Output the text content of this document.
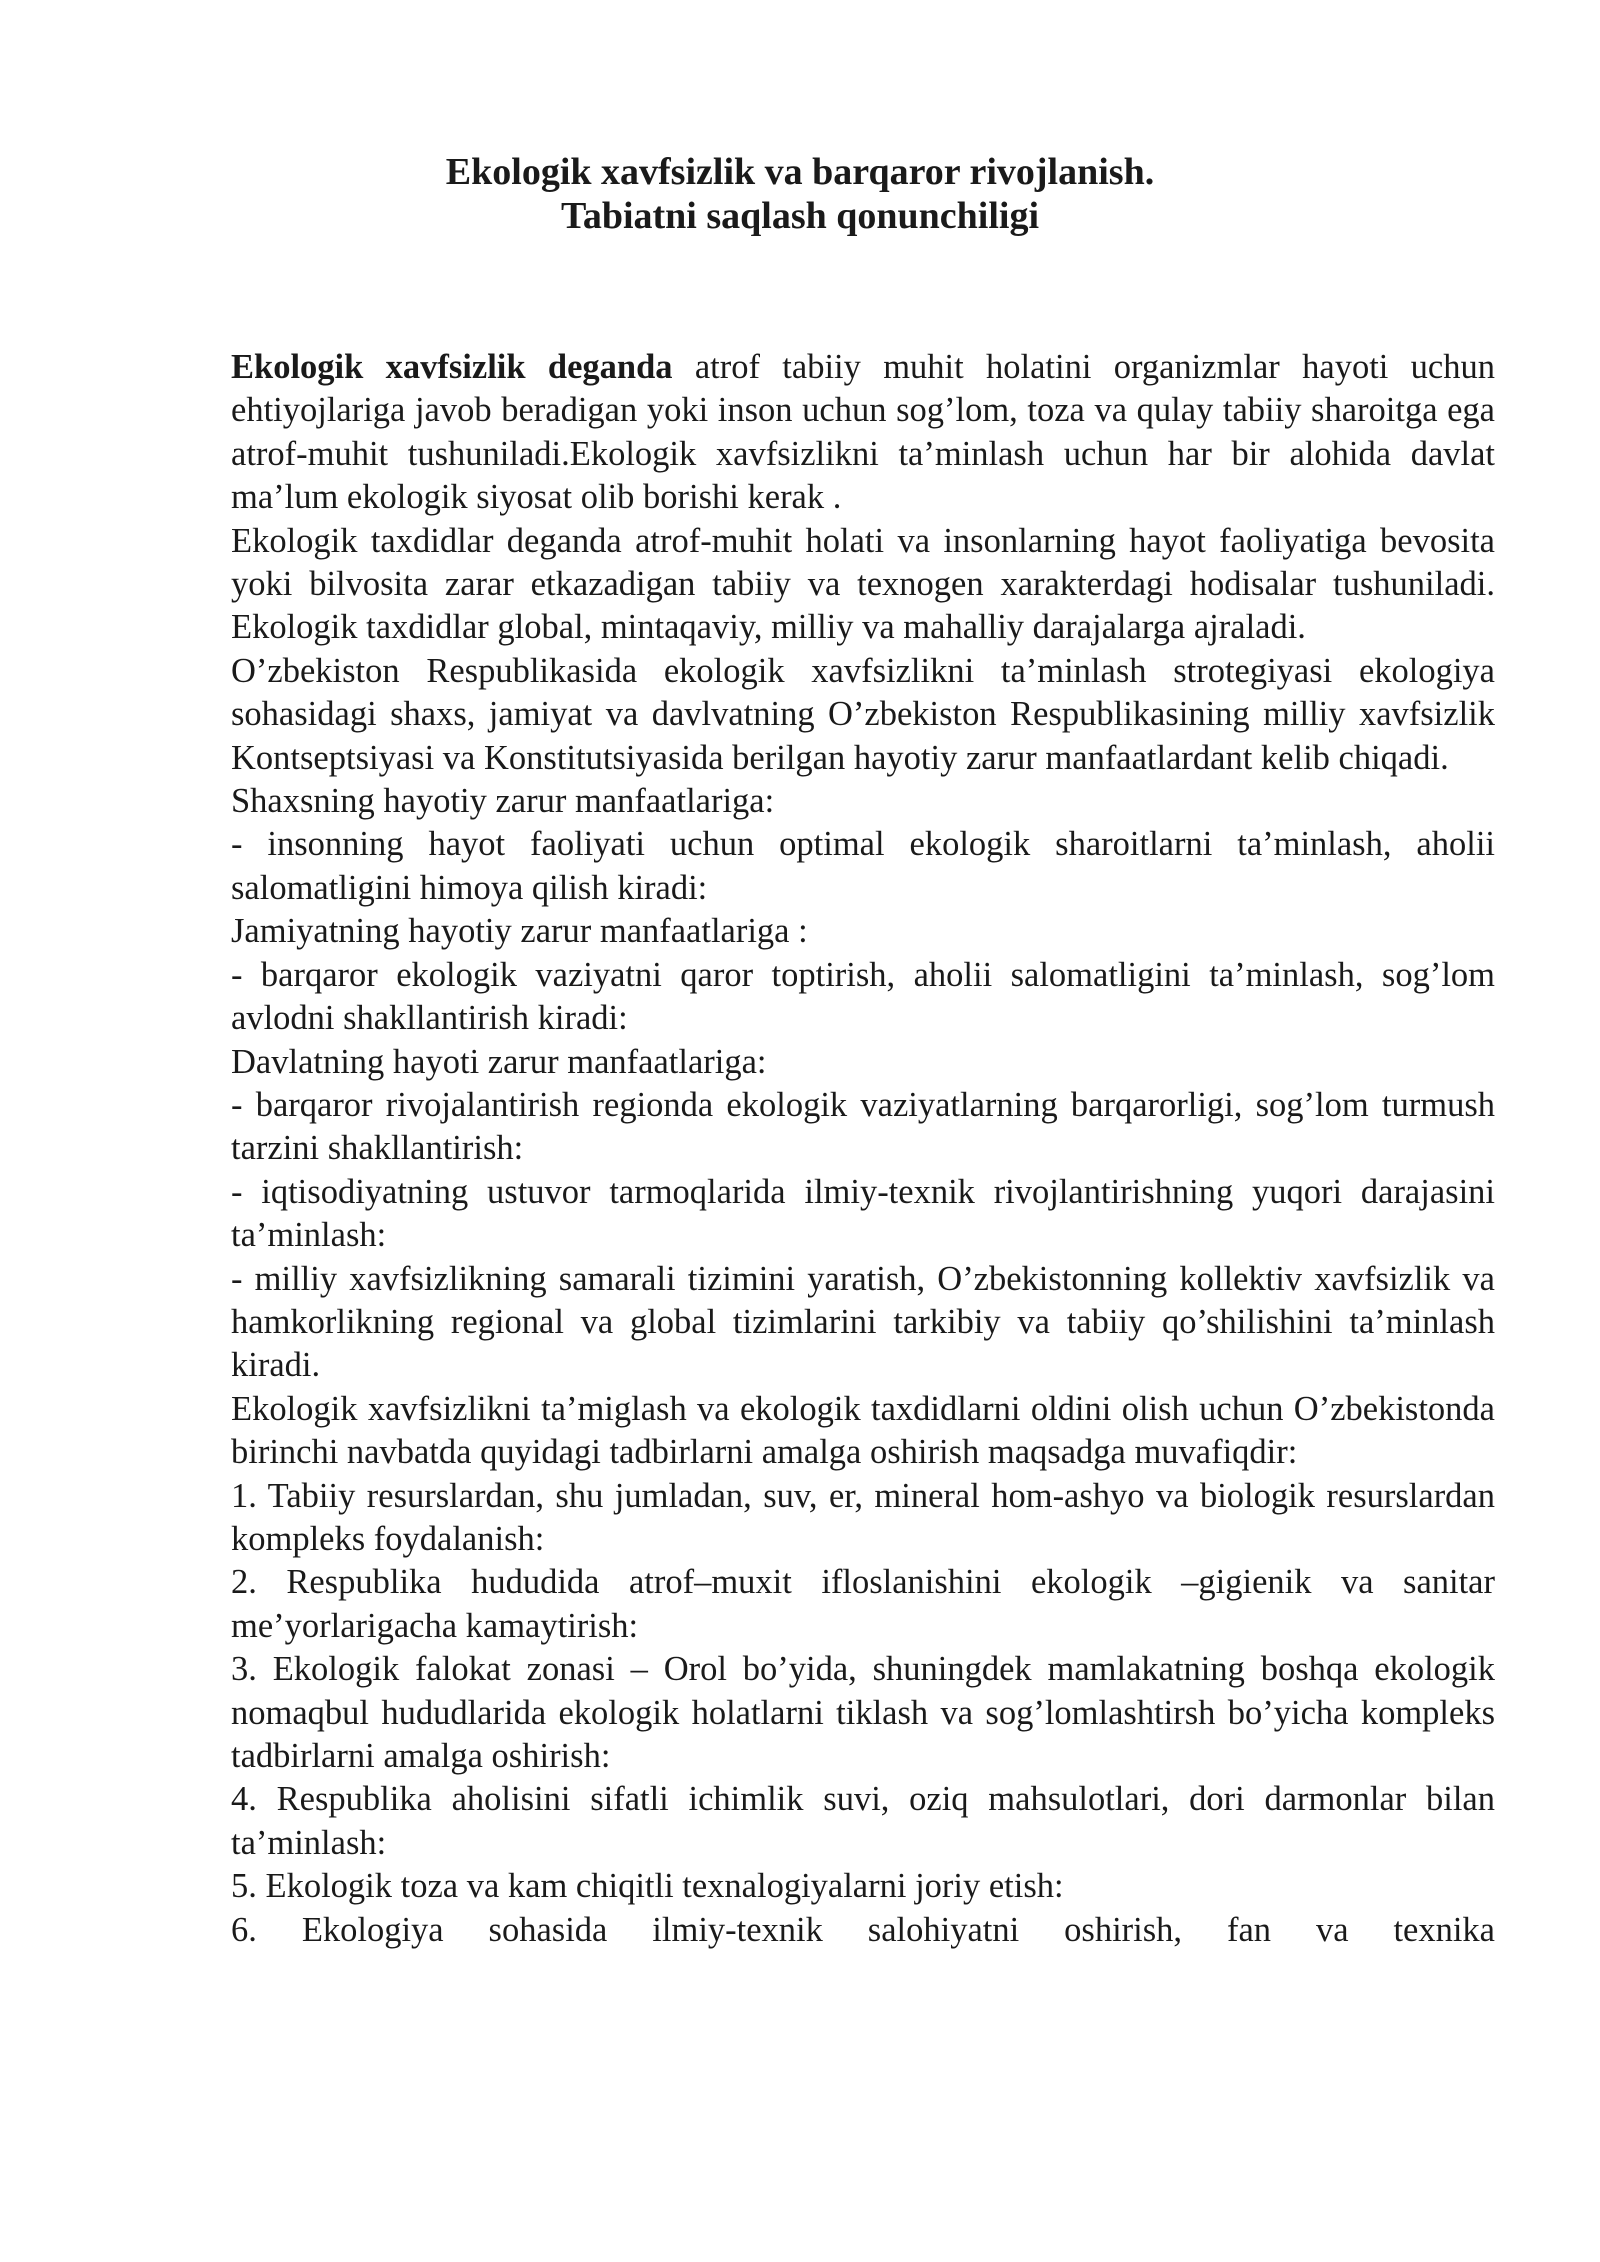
Ekologik xavfsizlik va barqaror rivojlanish.

Tabiatni saqlash qonunchiligi

Ekologik xavfsizlik deganda atrof tabiiy muhit holatini organizmlar hayoti uchun ehtiyojlariga javob beradigan yoki inson uchun sog’lom, toza va qulay tabiiy sharoitga ega atrof-muhit tushuniladi.Ekologik xavfsizlikni ta’minlash uchun har bir alohida davlat ma’lum ekologik siyosat olib borishi kerak .

Ekologik taxdidlar deganda atrof-muhit holati va insonlarning hayot faoliyatiga bevosita yoki bilvosita zarar etkazadigan tabiiy va texnogen xarakterdagi hodisalar tushuniladi. Ekologik taxdidlar global, mintaqaviy, milliy va mahalliy darajalarga ajraladi.

O’zbekiston Respublikasida ekologik xavfsizlikni ta’minlash strotegiyasi ekologiya sohasidagi shaxs, jamiyat va davlvatning O’zbekiston Respublikasining milliy xavfsizlik Kontseptsiyasi va Konstitutsiyasida berilgan hayotiy zarur manfaatlardant kelib chiqadi.

Shaxsning hayotiy zarur manfaatlariga:

- insonning hayot faoliyati uchun optimal ekologik sharoitlarni ta’minlash, aholii salomatligini himoya qilish kiradi:

Jamiyatning hayotiy zarur manfaatlariga :

- barqaror ekologik vaziyatni qaror toptirish, aholii salomatligini ta’minlash, sog’lom avlodni shakllantirish kiradi:

Davlatning hayoti zarur manfaatlariga:

- barqaror rivojalantirish regionda ekologik vaziyatlarning barqarorligi, sog’lom turmush tarzini shakllantirish:

- iqtisodiyatning ustuvor tarmoqlarida ilmiy-texnik rivojlantirishning yuqori darajasini ta’minlash:

- milliy xavfsizlikning samarali tizimini yaratish, O’zbekistonning kollektiv xavfsizlik va hamkorlikning regional va global tizimlarini tarkibiy va tabiiy qo’shilishini ta’minlash kiradi.

Ekologik xavfsizlikni ta’miglash va ekologik taxdidlarni oldini olish uchun O’zbekistonda birinchi navbatda quyidagi tadbirlarni amalga oshirish maqsadga muvafiqdir:

1. Tabiiy resurslardan, shu jumladan, suv, er, mineral hom-ashyo va biologik resurslardan kompleks foydalanish:

2. Respublika hududida atrof–muxit ifloslanishini ekologik –gigienik va sanitar me’yorlarigacha kamaytirish:

3. Ekologik falokat zonasi – Orol bo’yida, shuningdek mamlakatning boshqa ekologik nomaqbul hududlarida ekologik holatlarni tiklash va sog’lomlashtirsh bo’yicha kompleks tadbirlarni amalga oshirish:

4. Respublika aholisini sifatli ichimlik suvi, oziq mahsulotlari, dori darmonlar bilan ta’minlash:

5. Ekologik toza va kam chiqitli texnalogiyalarni joriy etish:

6. Ekologiya sohasida ilmiy-texnik salohiyatni oshirish, fan va texnika
